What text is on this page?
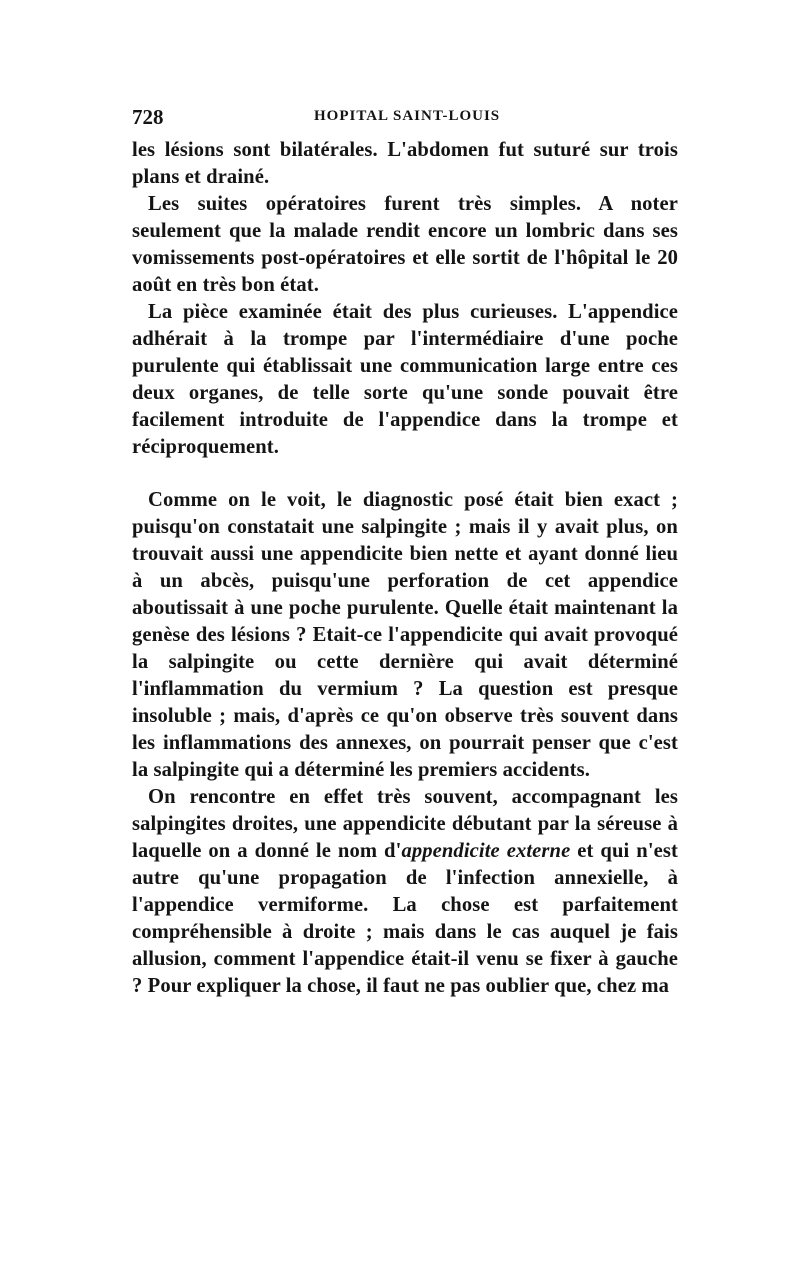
728	HOPITAL SAINT-LOUIS

les lésions sont bilatérales. L'abdomen fut suturé sur trois plans et drainé.

Les suites opératoires furent très simples. A noter seulement que la malade rendit encore un lombric dans ses vomissements post-opératoires et elle sortit de l'hôpital le 20 août en très bon état.

La pièce examinée était des plus curieuses. L'appendice adhérait à la trompe par l'intermédiaire d'une poche purulente qui établissait une communication large entre ces deux organes, de telle sorte qu'une sonde pouvait être facilement introduite de l'appendice dans la trompe et réciproquement.

Comme on le voit, le diagnostic posé était bien exact ; puisqu'on constatait une salpingite ; mais il y avait plus, on trouvait aussi une appendicite bien nette et ayant donné lieu à un abcès, puisqu'une perforation de cet appendice aboutissait à une poche purulente. Quelle était maintenant la genèse des lésions ? Etait-ce l'appendicite qui avait provoqué la salpingite ou cette dernière qui avait déterminé l'inflammation du vermium ? La question est presque insoluble ; mais, d'après ce qu'on observe très souvent dans les inflammations des annexes, on pourrait penser que c'est la salpingite qui a déterminé les premiers accidents.

On rencontre en effet très souvent, accompagnant les salpingites droites, une appendicite débutant par la séreuse à laquelle on a donné le nom d'appendicite externe et qui n'est autre qu'une propagation de l'infection annexielle, à l'appendice vermiforme. La chose est parfaitement compréhensible à droite ; mais dans le cas auquel je fais allusion, comment l'appendice était-il venu se fixer à gauche ? Pour expliquer la chose, il faut ne pas oublier que, chez ma
